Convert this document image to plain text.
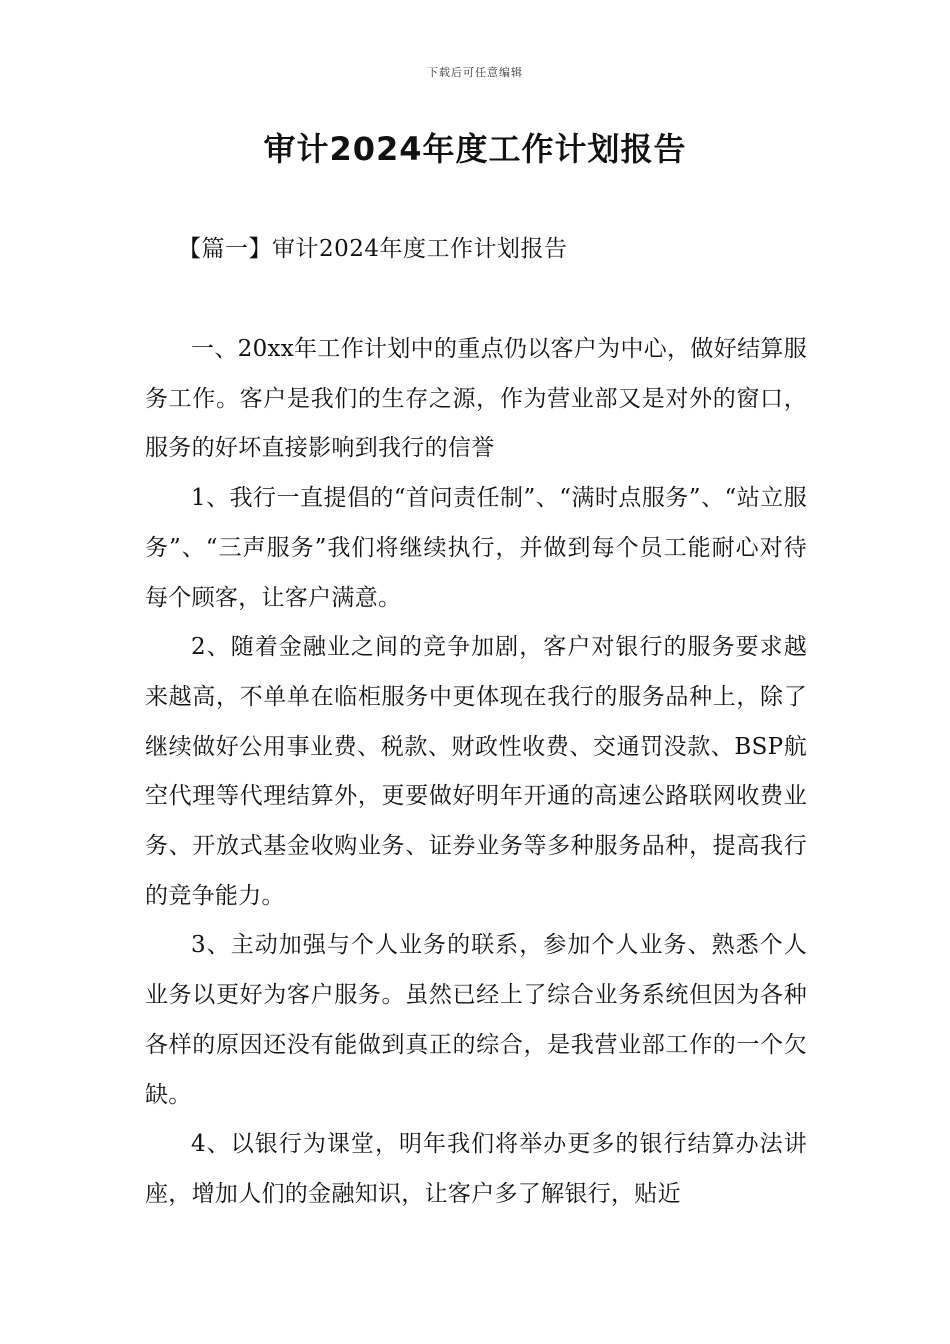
下载后可任意编辑
审计2024年度工作计划报告
【篇一】审计2024年度工作计划报告

一、20xx年工作计划中的重点仍以客户为中心，做好结算服务工作。客户是我们的生存之源，作为营业部又是对外的窗口，服务的好坏直接影响到我行的信誉

1、我行一直提倡的“首问责任制”、“满时点服务”、“站立服务”、“三声服务”我们将继续执行，并做到每个员工能耐心对待每个顾客，让客户满意。

2、随着金融业之间的竞争加剧，客户对银行的服务要求越来越高，不单单在临柜服务中更体现在我行的服务品种上，除了继续做好公用事业费、税款、财政性收费、交通罚没款、BSP航空代理等代理结算外，更要做好明年开通的高速公路联网收费业务、开放式基金收购业务、证券业务等多种服务品种，提高我行的竞争能力。

3、主动加强与个人业务的联系，参加个人业务、熟悉个人业务以更好为客户服务。虽然已经上了综合业务系统但因为各种各样的原因还没有能做到真正的综合，是我营业部工作的一个欠缺。

4、以银行为课堂，明年我们将举办更多的银行结算办法讲座，增加人们的金融知识，让客户多了解银行，贴近
